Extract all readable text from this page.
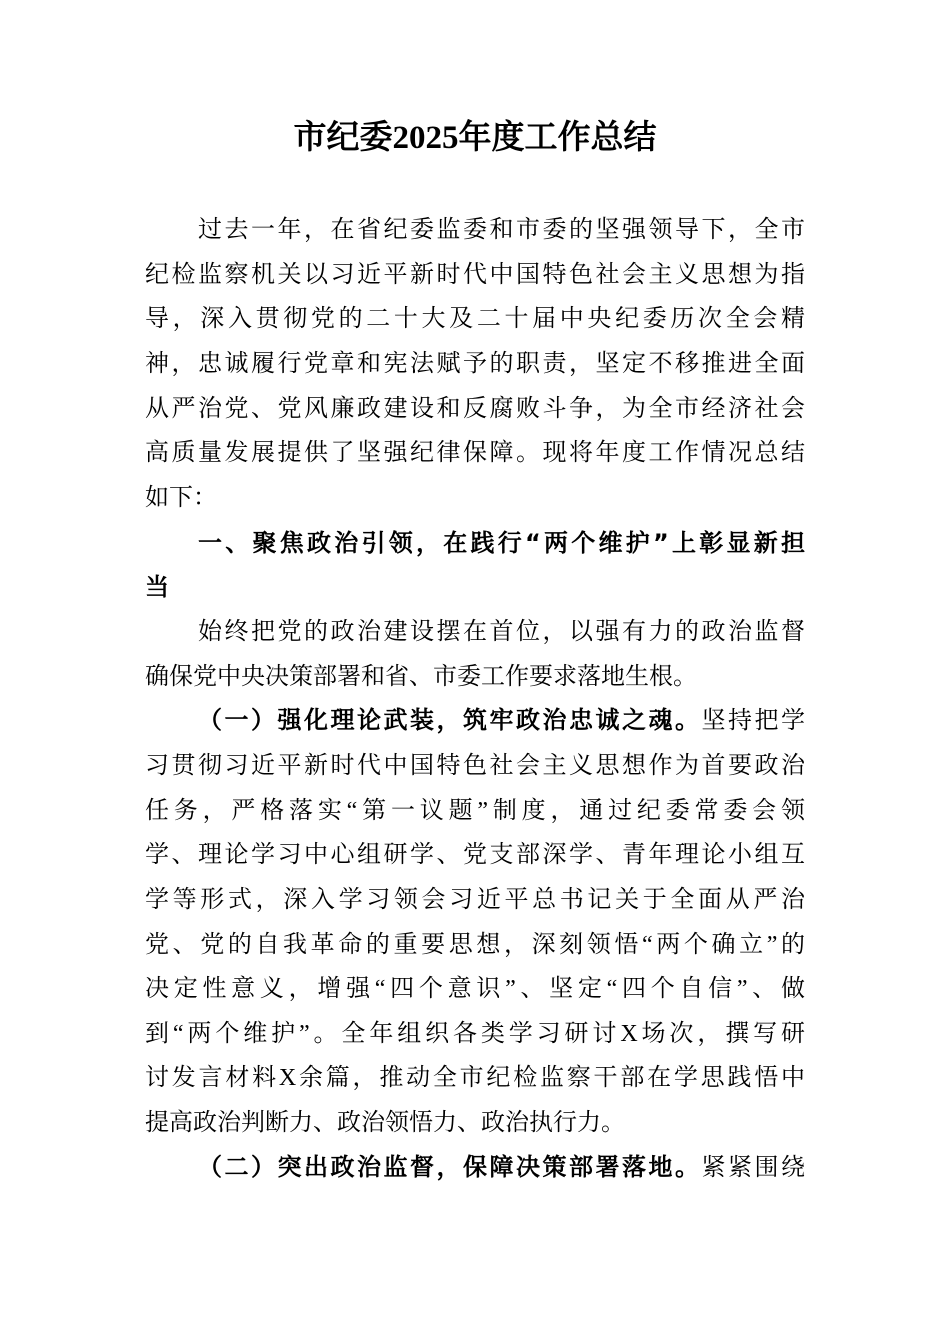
市纪委2025年度工作总结
过去一年，在省纪委监委和市委的坚强领导下，全市
纪检监察机关以习近平新时代中国特色社会主义思想为指
导，深入贯彻党的二十大及二十届中央纪委历次全会精
神，忠诚履行党章和宪法赋予的职责，坚定不移推进全面
从严治党、党风廉政建设和反腐败斗争，为全市经济社会
高质量发展提供了坚强纪律保障。现将年度工作情况总结
如下：
一、聚焦政治引领，在践行“两个维护”上彰显新担
当
始终把党的政治建设摆在首位，以强有力的政治监督
确保党中央决策部署和省、市委工作要求落地生根。
（一）强化理论武装，筑牢政治忠诚之魂。坚持把学
习贯彻习近平新时代中国特色社会主义思想作为首要政治
任务，严格落实“第一议题”制度，通过纪委常委会领
学、理论学习中心组研学、党支部深学、青年理论小组互
学等形式，深入学习领会习近平总书记关于全面从严治
党、党的自我革命的重要思想，深刻领悟“两个确立”的
决定性意义，增强“四个意识”、坚定“四个自信”、做
到“两个维护”。全年组织各类学习研讨X场次，撰写研
讨发言材料X余篇，推动全市纪检监察干部在学思践悟中
提高政治判断力、政治领悟力、政治执行力。
（二）突出政治监督，保障决策部署落地。紧紧围绕
